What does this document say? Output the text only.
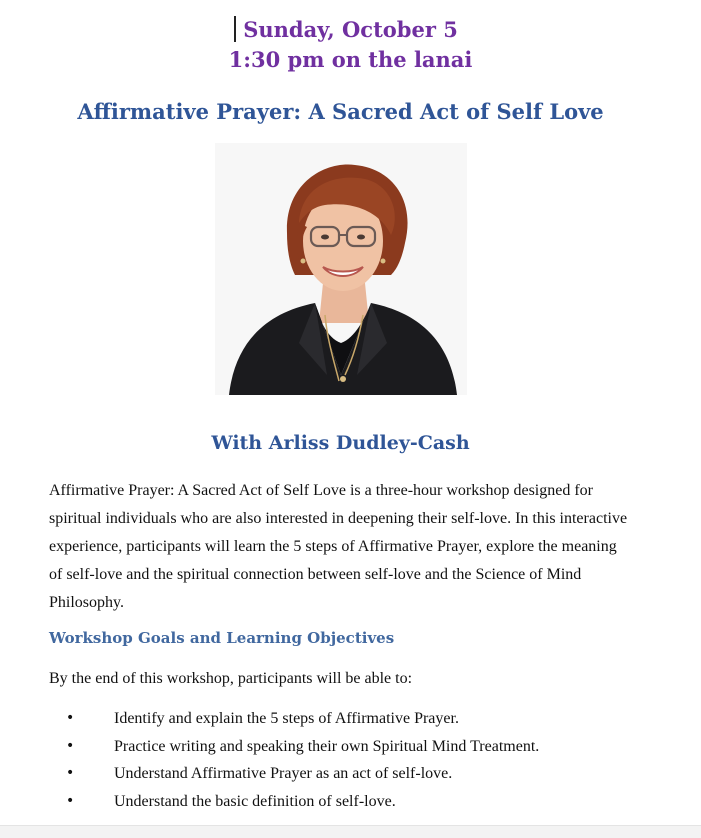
Sunday, October 5
1:30 pm on the lanai
Affirmative Prayer: A Sacred Act of Self Love
With Arliss Dudley-Cash

Affirmative Prayer: A Sacred Act of Self Love is a three-hour workshop designed for spiritual individuals who are also interested in deepening their self-love. In this interactive experience, participants will learn the 5 steps of Affirmative Prayer, explore the meaning of self-love and the spiritual connection between self-love and the Science of Mind Philosophy.

Workshop Goals and Learning Objectives
By the end of this workshop, participants will be able to:
•	Identify and explain the 5 steps of Affirmative Prayer.
•	Practice writing and speaking their own Spiritual Mind Treatment.
•	Understand Affirmative Prayer as an act of self-love.
•	Understand the basic definition of self-love.
